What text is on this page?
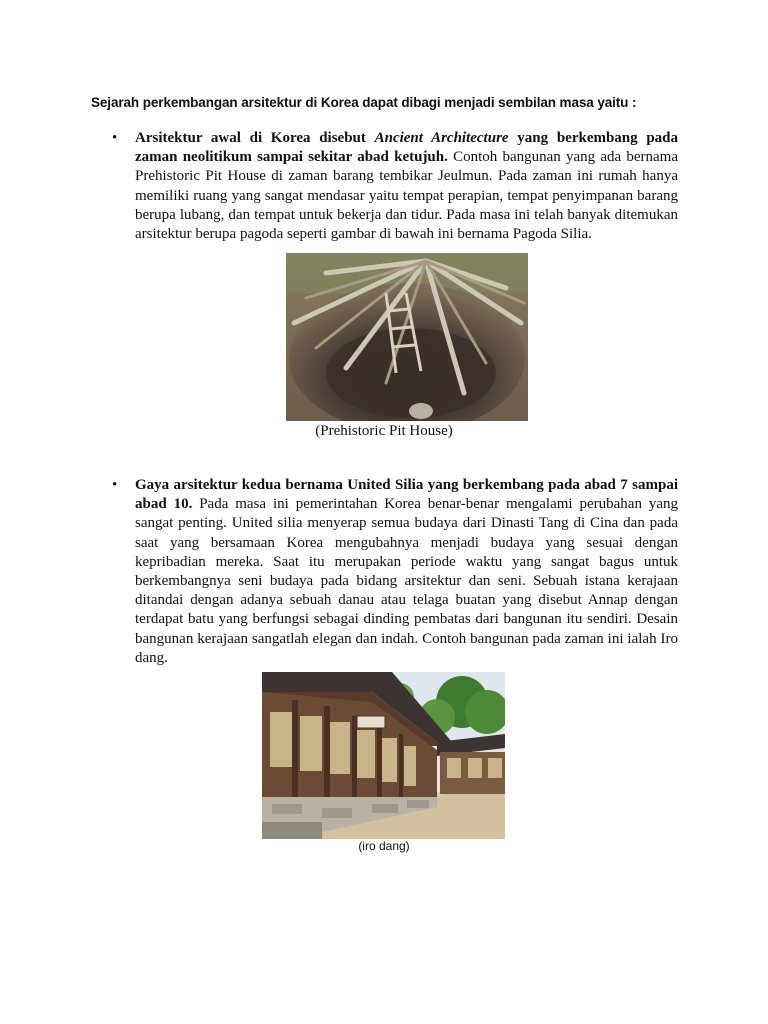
Sejarah perkembangan arsitektur di Korea dapat dibagi menjadi sembilan masa yaitu :
• Arsitektur awal di Korea disebut Ancient Architecture yang berkembang pada zaman neolitikum sampai sekitar abad ketujuh. Contoh bangunan yang ada bernama Prehistoric Pit House di zaman barang tembikar Jeulmun. Pada zaman ini rumah hanya memiliki ruang yang sangat mendasar yaitu tempat perapian, tempat penyimpanan barang berupa lubang, dan tempat untuk bekerja dan tidur. Pada masa ini telah banyak ditemukan arsitektur berupa pagoda seperti gambar di bawah ini bernama Pagoda Silia.
(Prehistoric Pit House)
• Gaya arsitektur kedua bernama United Silia yang berkembang pada abad 7 sampai abad 10. Pada masa ini pemerintahan Korea benar-benar mengalami perubahan yang sangat penting. United silia menyerap semua budaya dari Dinasti Tang di Cina dan pada saat yang bersamaan Korea mengubahnya menjadi budaya yang sesuai dengan kepribadian mereka. Saat itu merupakan periode waktu yang sangat bagus untuk berkembangnya seni budaya pada bidang arsitektur dan seni. Sebuah istana kerajaan ditandai dengan adanya sebuah danau atau telaga buatan yang disebut Annap dengan terdapat batu yang berfungsi sebagai dinding pembatas dari bangunan itu sendiri. Desain bangunan kerajaan sangatlah elegan dan indah. Contoh bangunan pada zaman ini ialah Iro dang.
(iro dang)
